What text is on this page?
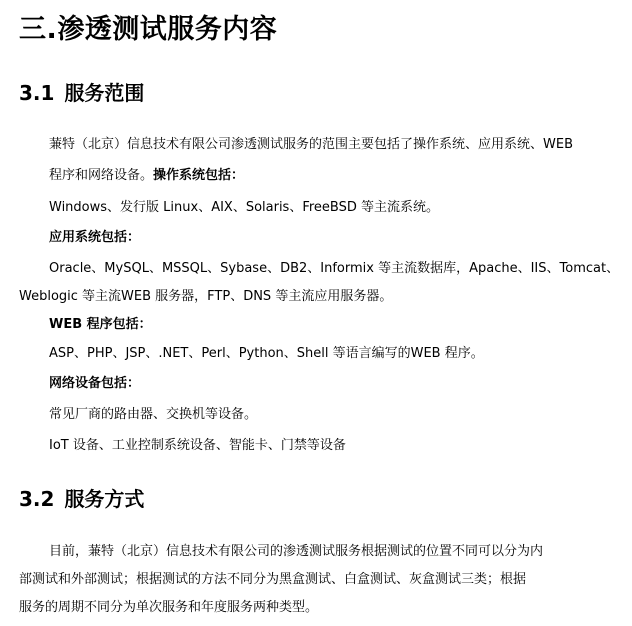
三.渗透测试服务内容
3.1 服务范围
蒹特（北京）信息技术有限公司渗透测试服务的范围主要包括了操作系统、应用系统、WEB
程序和网络设备。操作系统包括：
Windows、发行版 Linux、AIX、Solaris、FreeBSD 等主流系统。
应用系统包括：
Oracle、MySQL、MSSQL、Sybase、DB2、Informix 等主流数据库，Apache、IIS、Tomcat、
Weblogic 等主流WEB 服务器，FTP、DNS 等主流应用服务器。
WEB 程序包括：
ASP、PHP、JSP、.NET、Perl、Python、Shell 等语言编写的WEB 程序。
网络设备包括：
常见厂商的路由器、交换机等设备。
IoT 设备、工业控制系统设备、智能卡、门禁等设备
3.2 服务方式
目前，蒹特（北京）信息技术有限公司的渗透测试服务根据测试的位置不同可以分为内
部测试和外部测试；根据测试的方法不同分为黑盒测试、白盒测试、灰盒测试三类；根据
服务的周期不同分为单次服务和年度服务两种类型。
